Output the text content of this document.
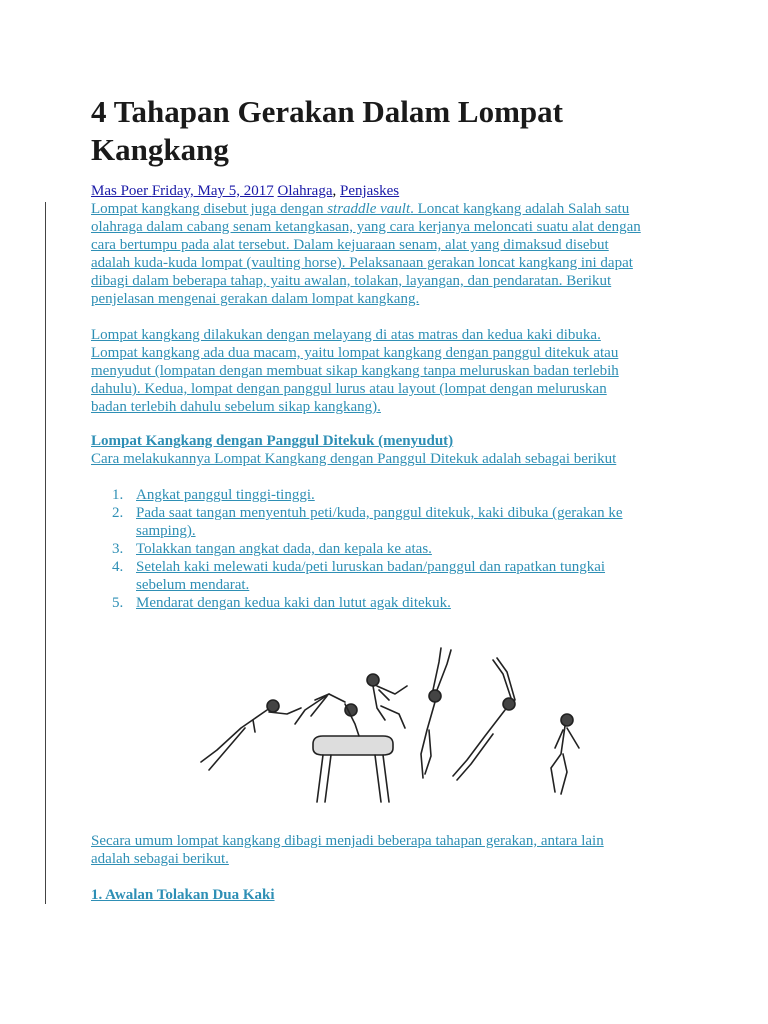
4 Tahapan Gerakan Dalam Lompat Kangkang
Mas Poer Friday, May 5, 2017 Olahraga, Penjaskes
Lompat kangkang disebut juga dengan straddle vault. Loncat kangkang adalah Salah satu olahraga dalam cabang senam ketangkasan, yang cara kerjanya meloncati suatu alat dengan cara bertumpu pada alat tersebut. Dalam kejuaraan senam, alat yang dimaksud disebut adalah kuda-kuda lompat (vaulting horse). Pelaksanaan gerakan loncat kangkang ini dapat dibagi dalam beberapa tahap, yaitu awalan, tolakan, layangan, dan pendaratan. Berikut penjelasan mengenai gerakan dalam lompat kangkang.
Lompat kangkang dilakukan dengan melayang di atas matras dan kedua kaki dibuka. Lompat kangkang ada dua macam, yaitu lompat kangkang dengan panggul ditekuk atau menyudut (lompatan dengan membuat sikap kangkang tanpa meluruskan badan terlebih dahulu). Kedua, lompat dengan panggul lurus atau layout (lompat dengan meluruskan badan terlebih dahulu sebelum sikap kangkang).
Lompat Kangkang dengan Panggul Ditekuk (menyudut)
Cara melakukannya Lompat Kangkang dengan Panggul Ditekuk adalah sebagai berikut
1. Angkat panggul tinggi-tinggi.
2. Pada saat tangan menyentuh peti/kuda, panggul ditekuk, kaki dibuka (gerakan ke samping).
3. Tolakkan tangan angkat dada, dan kepala ke atas.
4. Setelah kaki melewati kuda/peti luruskan badan/panggul dan rapatkan tungkai sebelum mendarat.
5. Mendarat dengan kedua kaki dan lutut agak ditekuk.
Secara umum lompat kangkang dibagi menjadi beberapa tahapan gerakan, antara lain adalah sebagai berikut.
1. Awalan Tolakan Dua Kaki
